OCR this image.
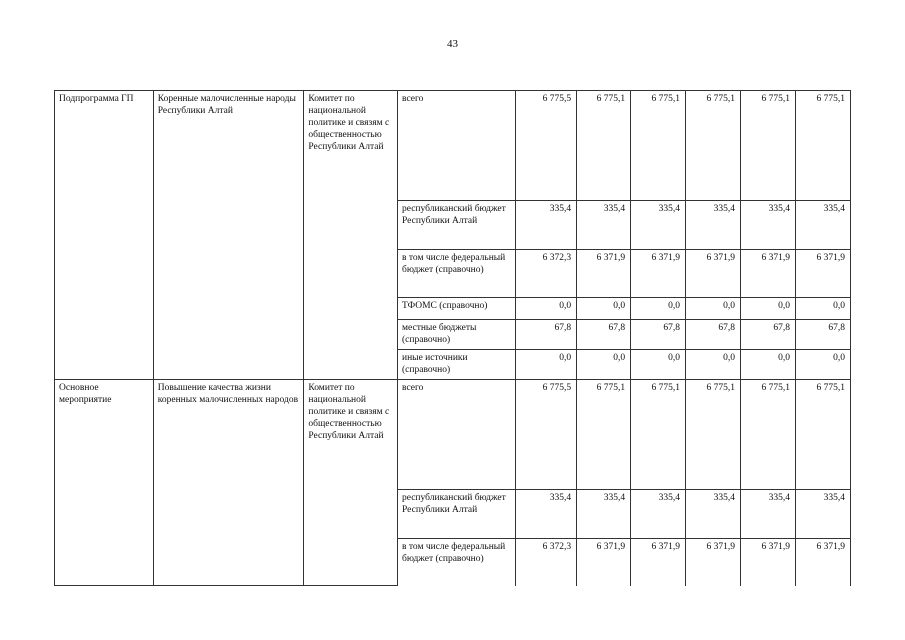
43
Подпрограмма ГП	Коренные малочисленные народы Республики Алтай	Комитет по национальной политике и связям с общественностью Республики Алтай	всего	6 775,5	6 775,1	6 775,1	6 775,1	6 775,1	6 775,1
			республиканский бюджет Республики Алтай	335,4	335,4	335,4	335,4	335,4	335,4
			в том числе федеральный бюджет (справочно)	6 372,3	6 371,9	6 371,9	6 371,9	6 371,9	6 371,9
			ТФОМС (справочно)	0,0	0,0	0,0	0,0	0,0	0,0
			местные бюджеты (справочно)	67,8	67,8	67,8	67,8	67,8	67,8
			иные источники (справочно)	0,0	0,0	0,0	0,0	0,0	0,0
Основное мероприятие	Повышение качества жизни коренных малочисленных народов	Комитет по национальной политике и связям с общественностью Республики Алтай	всего	6 775,5	6 775,1	6 775,1	6 775,1	6 775,1	6 775,1
			республиканский бюджет Республики Алтай	335,4	335,4	335,4	335,4	335,4	335,4
			в том числе федеральный бюджет (справочно)	6 372,3	6 371,9	6 371,9	6 371,9	6 371,9	6 371,9
